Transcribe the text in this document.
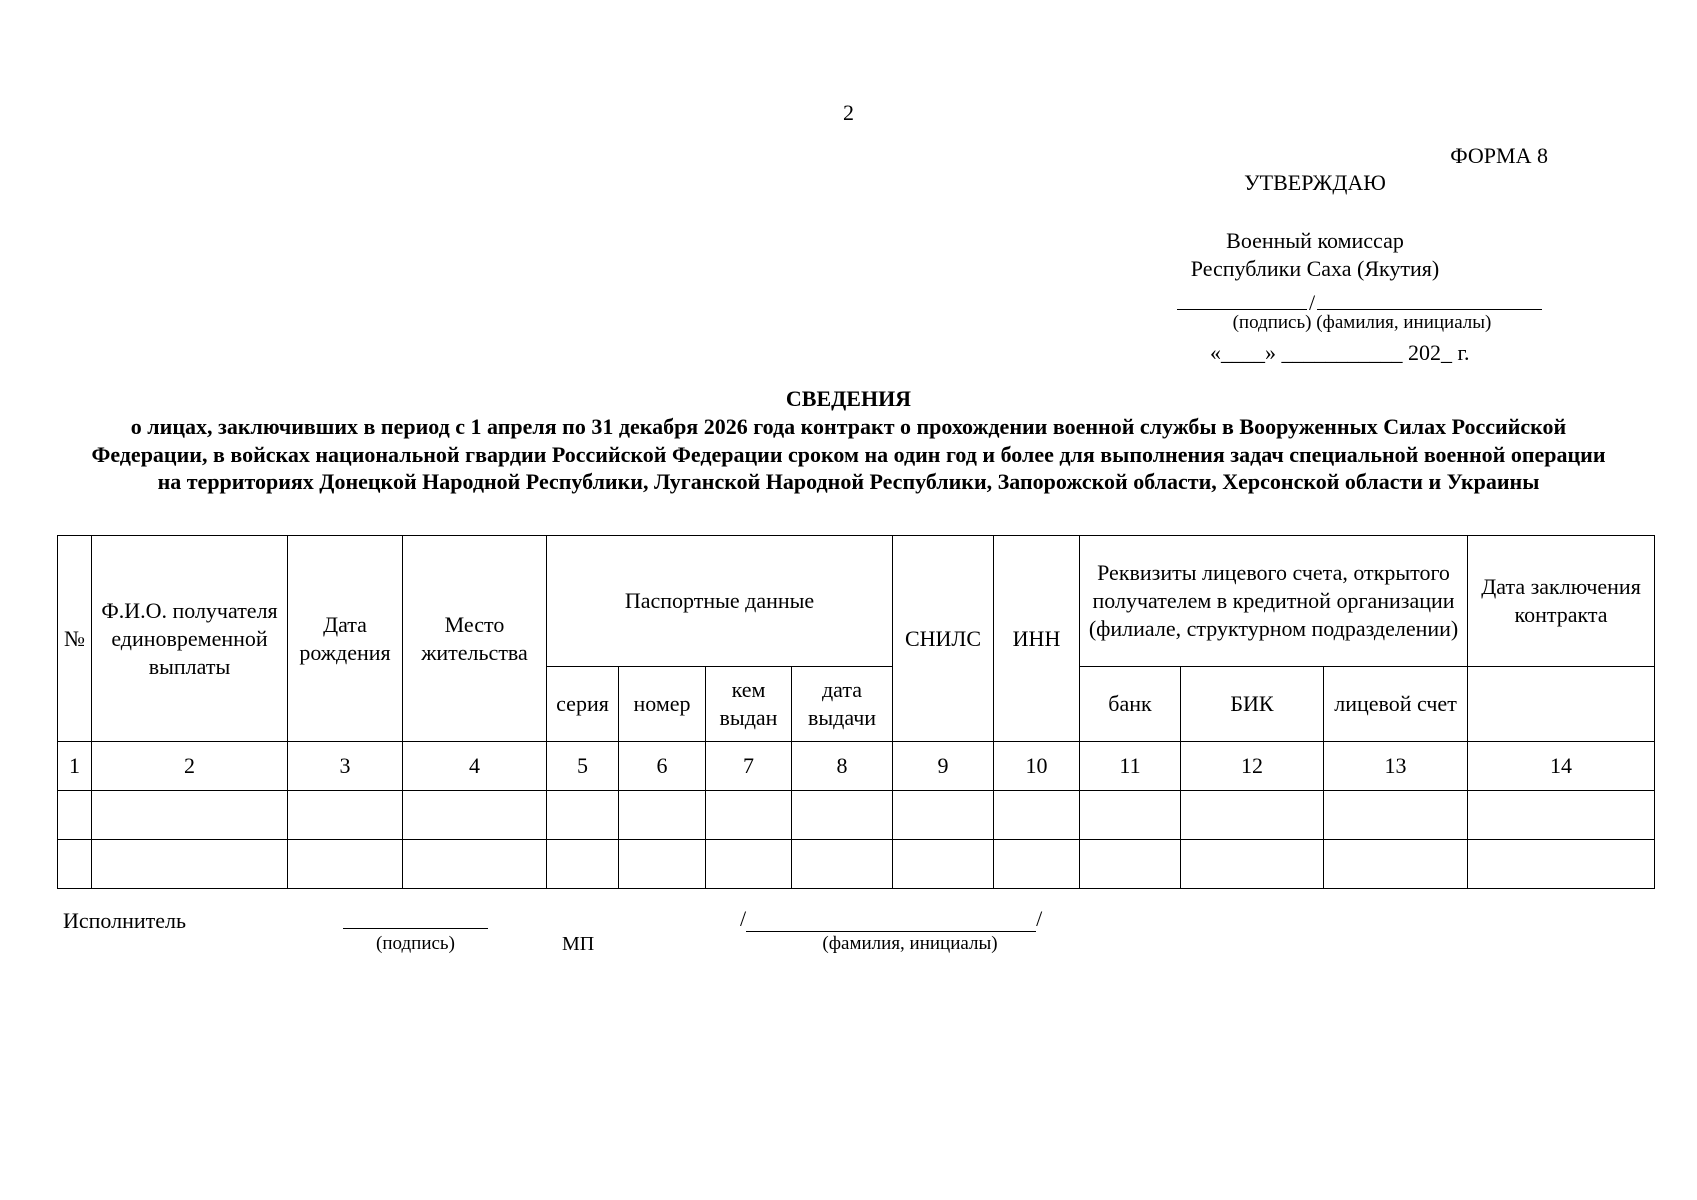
2
ФОРМА 8
УТВЕРЖДАЮ
Военный комиссар
Республики Саха (Якутия)
/
(подпись) (фамилия, инициалы)
«____» ___________ 202_ г.
СВЕДЕНИЯ
о лицах, заключивших в период с 1 апреля по 31 декабря 2026 года контракт о прохождении военной службы в Вооруженных Силах Российской Федерации, в войсках национальной гвардии Российской Федерации сроком на один год и более для выполнения задач специальной военной операции на территориях Донецкой Народной Республики, Луганской Народной Республики, Запорожской области, Херсонской области и Украины
№	Ф.И.О. получателя единовременной выплаты	Дата рождения	Место жительства	Паспортные данные				СНИЛС	ИНН	Реквизиты лицевого счета, открытого получателем в кредитной организации (филиале, структурном подразделении)			Дата заключения контракта
				серия	номер	кем выдан	дата выдачи			банк	БИК	лицевой счет	
1	2	3	4	5	6	7	8	9	10	11	12	13	14

Исполнитель
(подпись)	МП
/	/
(фамилия, инициалы)
